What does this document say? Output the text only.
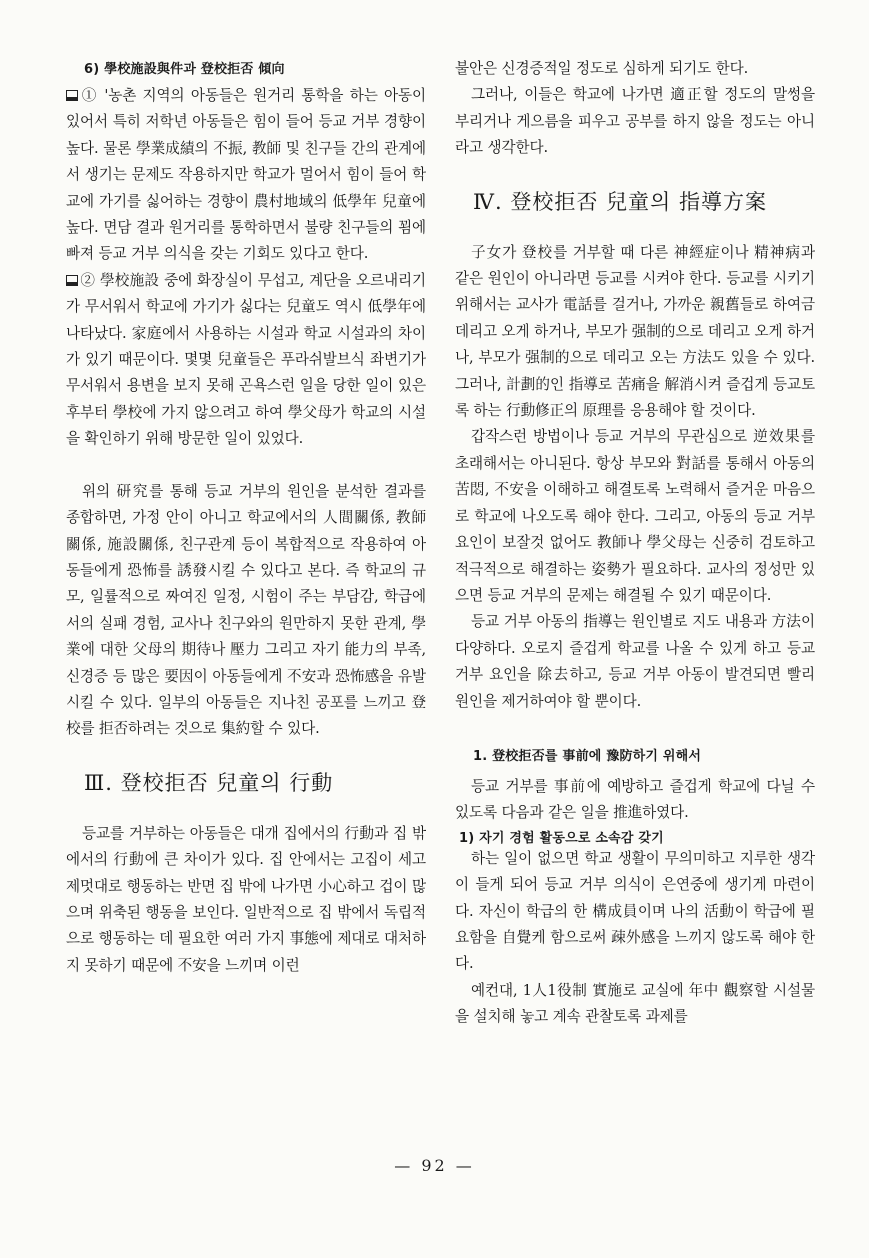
6) 學校施設與件과 登校拒否 傾向

① '농촌 지역의 아동들은 원거리 통학을 하는 아동이 있어서 특히 저학년 아동들은 힘이 들어 등교 거부 경향이 높다. 물론 學業成績의 不振, 教師 및 친구들 간의 관계에서 생기는 문제도 작용하지만 학교가 멀어서 힘이 들어 학교에 가기를 싫어하는 경향이 農村地域의 低學年 兒童에 높다. 면담 결과 원거리를 통학하면서 불량 친구들의 꾐에 빠져 등교 거부 의식을 갖는 기회도 있다고 한다.

② 學校施設 중에 화장실이 무섭고, 계단을 오르내리기가 무서워서 학교에 가기가 싫다는 兒童도 역시 低學年에 나타났다. 家庭에서 사용하는 시설과 학교 시설과의 차이가 있기 때문이다. 몇몇 兒童들은 푸라쉬발브식 좌변기가 무서워서 용변을 보지 못해 곤욕스런 일을 당한 일이 있은 후부터 學校에 가지 않으려고 하여 學父母가 학교의 시설을 확인하기 위해 방문한 일이 있었다.

위의 研究를 통해 등교 거부의 원인을 분석한 결과를 종합하면, 가정 안이 아니고 학교에서의 人間關係, 教師關係, 施設關係, 친구관계 등이 복합적으로 작용하여 아동들에게 恐怖를 誘發시킬 수 있다고 본다. 즉 학교의 규모, 일률적으로 짜여진 일정, 시험이 주는 부담감, 학급에서의 실패 경험, 교사나 친구와의 원만하지 못한 관계, 學業에 대한 父母의 期待나 壓力 그리고 자기 能力의 부족, 신경증 등 많은 要因이 아동들에게 不安과 恐怖感을 유발시킬 수 있다. 일부의 아동들은 지나친 공포를 느끼고 登校를 拒否하려는 것으로 集約할 수 있다.

Ⅲ. 登校拒否 兒童의 行動

등교를 거부하는 아동들은 대개 집에서의 行動과 집 밖에서의 行動에 큰 차이가 있다. 집 안에서는 고집이 세고 제멋대로 행동하는 반면 집 밖에 나가면 小心하고 겁이 많으며 위축된 행동을 보인다. 일반적으로 집 밖에서 독립적으로 행동하는 데 필요한 여러 가지 事態에 제대로 대처하지 못하기 때문에 不安을 느끼며 이런

불안은 신경증적일 정도로 심하게 되기도 한다.

그러나, 이들은 학교에 나가면 適正할 정도의 말썽을 부리거나 게으름을 피우고 공부를 하지 않을 정도는 아니라고 생각한다.

Ⅳ. 登校拒否 兒童의 指導方案

子女가 登校를 거부할 때 다른 神經症이나 精神病과 같은 원인이 아니라면 등교를 시켜야 한다. 등교를 시키기 위해서는 교사가 電話를 걸거나, 가까운 親舊들로 하여금 데리고 오게 하거나, 부모가 强制的으로 데리고 오게 하거나, 부모가 强制的으로 데리고 오는 方法도 있을 수 있다. 그러나, 計劃的인 指導로 苦痛을 解消시켜 즐겁게 등교토록 하는 行動修正의 原理를 응용해야 할 것이다.

갑작스런 방법이나 등교 거부의 무관심으로 逆效果를 초래해서는 아니된다. 항상 부모와 對話를 통해서 아동의 苦悶, 不安을 이해하고 해결토록 노력해서 즐거운 마음으로 학교에 나오도록 해야 한다. 그리고, 아동의 등교 거부 요인이 보잘것 없어도 教師나 學父母는 신중히 검토하고 적극적으로 해결하는 姿勢가 필요하다. 교사의 정성만 있으면 등교 거부의 문제는 해결될 수 있기 때문이다.

등교 거부 아동의 指導는 원인별로 지도 내용과 方法이 다양하다. 오로지 즐겁게 학교를 나올 수 있게 하고 등교 거부 요인을 除去하고, 등교 거부 아동이 발견되면 빨리 원인을 제거하여야 할 뿐이다.

1. 登校拒否를 事前에 豫防하기 위해서

등교 거부를 事前에 예방하고 즐겁게 학교에 다닐 수 있도록 다음과 같은 일을 推進하였다.

1) 자기 경험 활동으로 소속감 갖기

하는 일이 없으면 학교 생활이 무의미하고 지루한 생각이 들게 되어 등교 거부 의식이 은연중에 생기게 마련이다. 자신이 학급의 한 構成員이며 나의 活動이 학급에 필요함을 自覺케 함으로써 疎外感을 느끼지 않도록 해야 한다.

예컨대, 1人1役制 實施로 교실에 年中 觀察할 시설물을 설치해 놓고 계속 관찰토록 과제를

— 92 —
